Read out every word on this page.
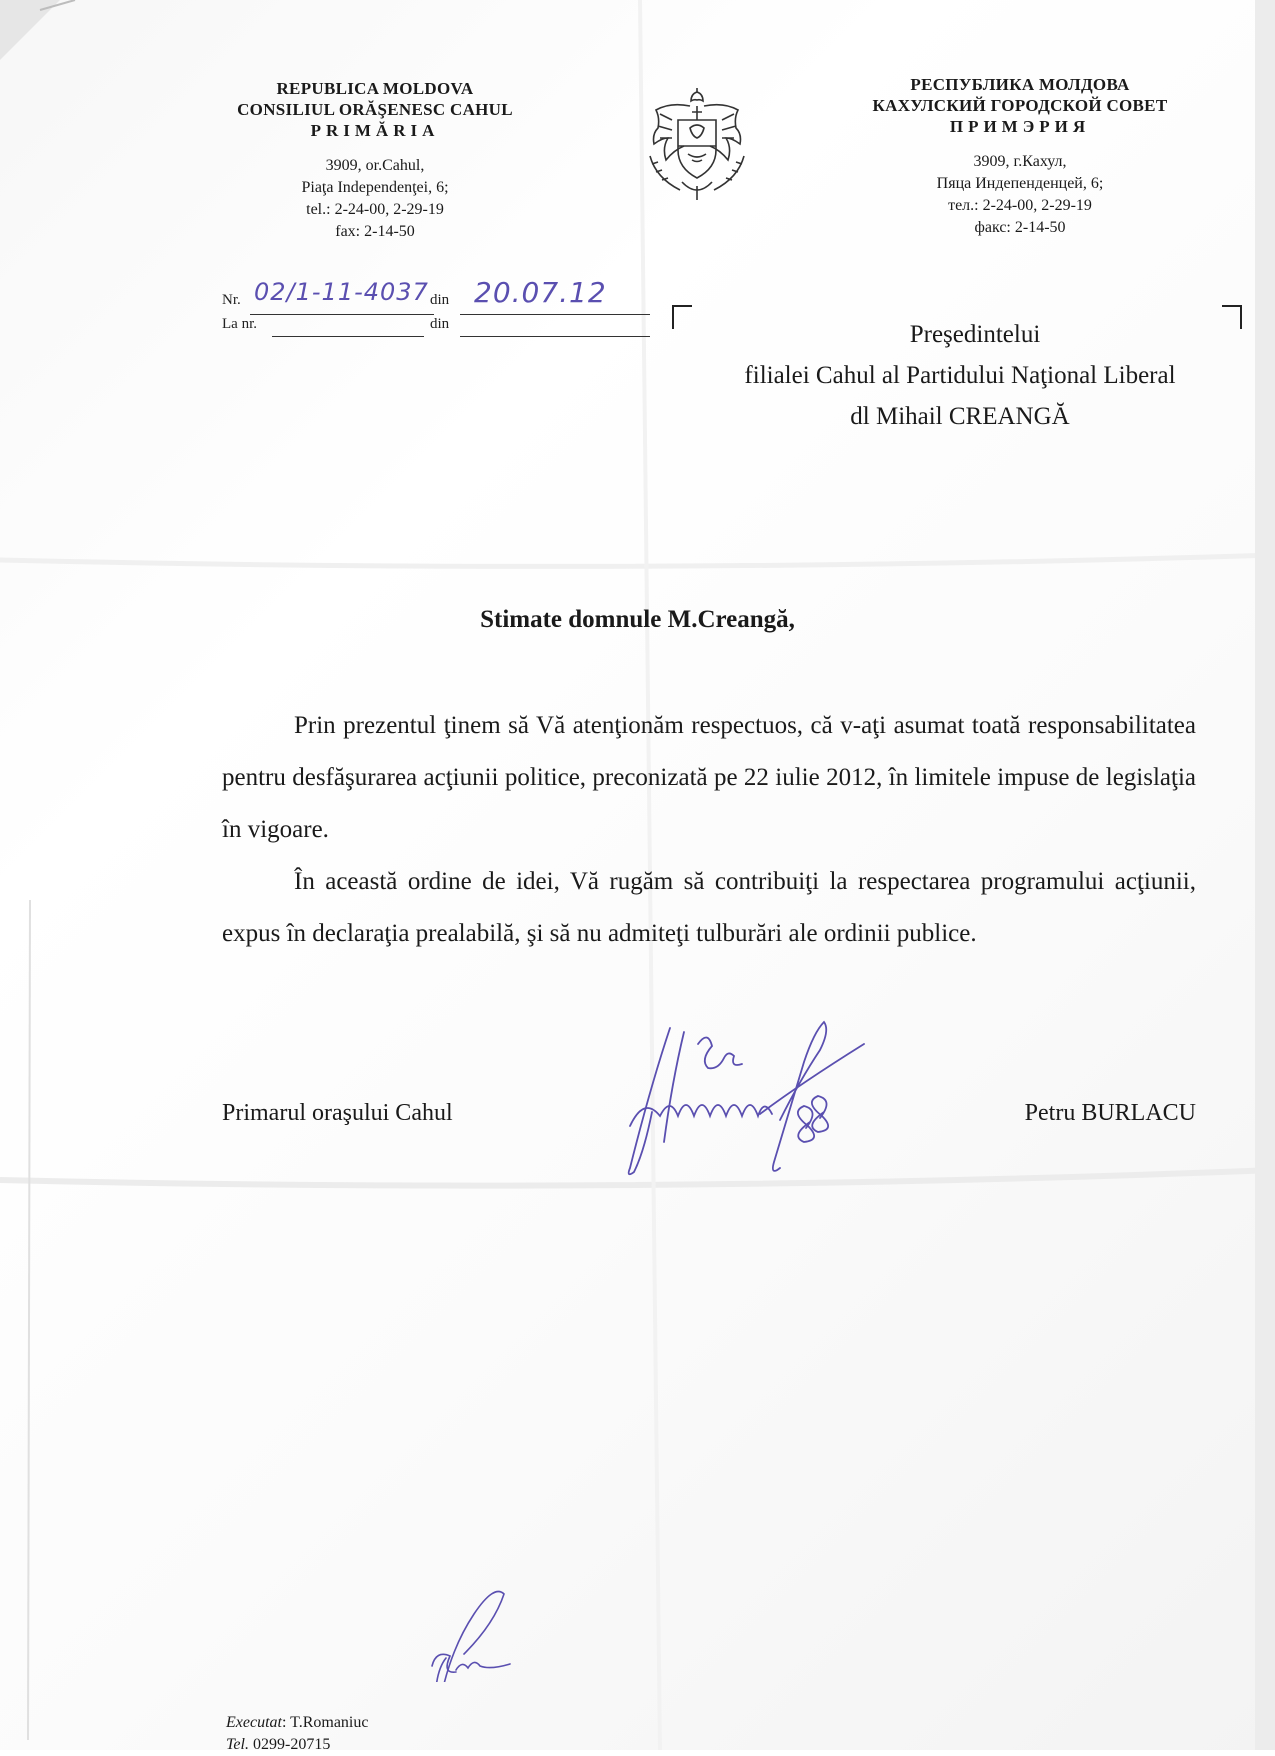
REPUBLICA MOLDOVA
CONSILIUL ORĂŞENESC CAHUL
PRIMĂRIA
3909, or.Cahul,
Piaţa Independenţei, 6;
tel.: 2-24-00, 2-29-19
fax: 2-14-50
РЕСПУБЛИКА МОЛДОВА
КАХУЛСКИЙ ГОРОДСКОЙ СОВЕТ
ПРИМЭРИЯ
3909, г.Кахул,
Пяца Индепенденцей, 6;
тел.: 2-24-00, 2-29-19
факс: 2-14-50
Nr. 02/1-11-4037 din 20.07.12
La nr.	din	Preşedintelui
filialei Cahul al Partidului Naţional Liberal
dl Mihail CREANGĂ
Stimate domnule M.Creangă,

Prin prezentul ţinem să Vă atenţionăm respectuos, că v-aţi asumat toată responsabilitatea pentru desfăşurarea acţiunii politice, preconizată pe 22 iulie 2012, în limitele impuse de legislaţia în vigoare.

În această ordine de idei, Vă rugăm să contribuiţi la respectarea programului acţiunii, expus în declaraţia prealabilă, şi să nu admiteţi tulburări ale ordinii publice.

Primarul oraşului Cahul	Petru BURLACU
Executat: T.Romaniuc
Tel. 0299-20715
